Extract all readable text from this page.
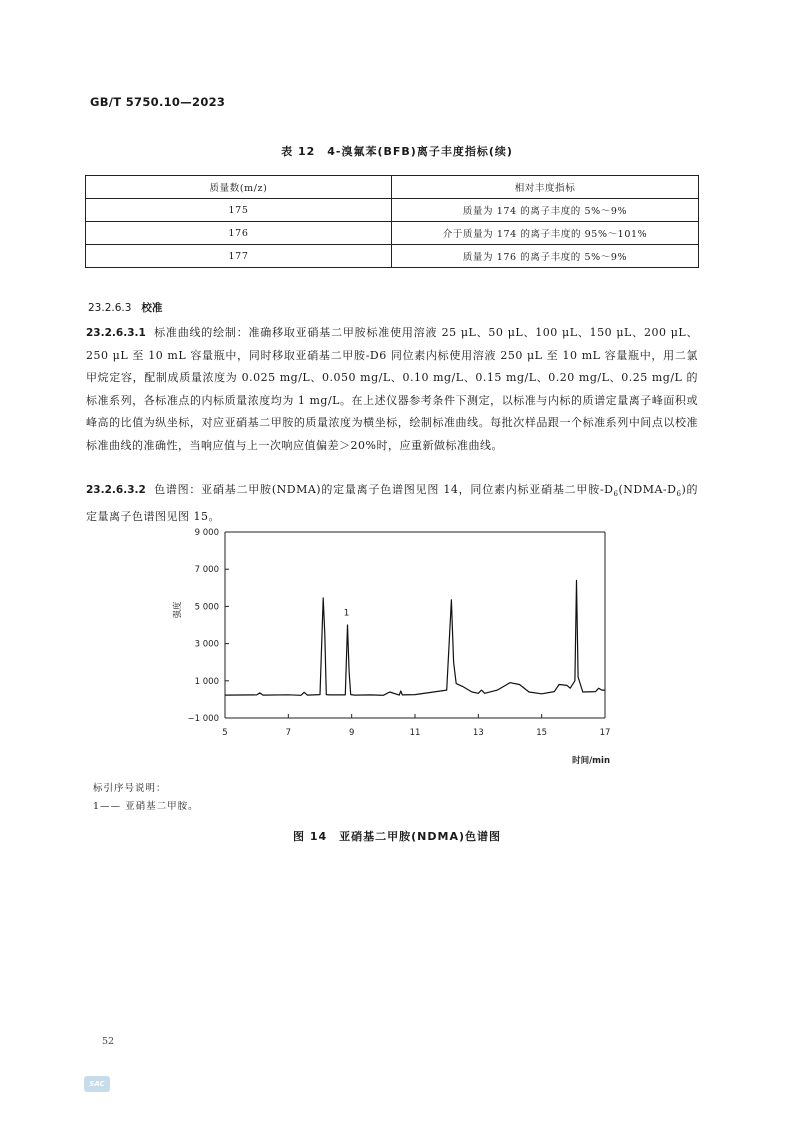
GB/T 5750.10—2023
表 12　4-溴氟苯(BFB)离子丰度指标(续)
质量数(m/z)	相对丰度指标
175	质量为 174 的离子丰度的 5%～9%
176	介于质量为 174 的离子丰度的 95%～101%
177	质量为 176 的离子丰度的 5%～9%
23.2.6.3 校准
23.2.6.3.1 标准曲线的绘制：准确移取亚硝基二甲胺标准使用溶液 25 μL、50 μL、100 μL、150 μL、200 μL、250 μL 至 10 mL 容量瓶中，同时移取亚硝基二甲胺-D6 同位素内标使用溶液 250 μL 至 10 mL 容量瓶中，用二氯甲烷定容，配制成质量浓度为 0.025 mg/L、0.050 mg/L、0.10 mg/L、0.15 mg/L、0.20 mg/L、0.25 mg/L 的标准系列，各标准点的内标质量浓度均为 1 mg/L。在上述仪器参考条件下测定，以标准与内标的质谱定量离子峰面积或峰高的比值为纵坐标，对应亚硝基二甲胺的质量浓度为横坐标，绘制标准曲线。每批次样品跟一个标准系列中间点以校准标准曲线的准确性，当响应值与上一次响应值偏差＞20%时，应重新做标准曲线。
23.2.6.3.2 色谱图：亚硝基二甲胺(NDMA)的定量离子色谱图见图 14，同位素内标亚硝基二甲胺$-D_6(NDMA-D_6)$的定量离子色谱图见图 15。
−1 000
1 000
3 000
5 000
7 000
9 000
5	7	9	11	13	15	17
强度
时间/min
1
标引序号说明：
1—— 亚硝基二甲胺。
图 14　亚硝基二甲胺(NDMA)色谱图
52
SAC
